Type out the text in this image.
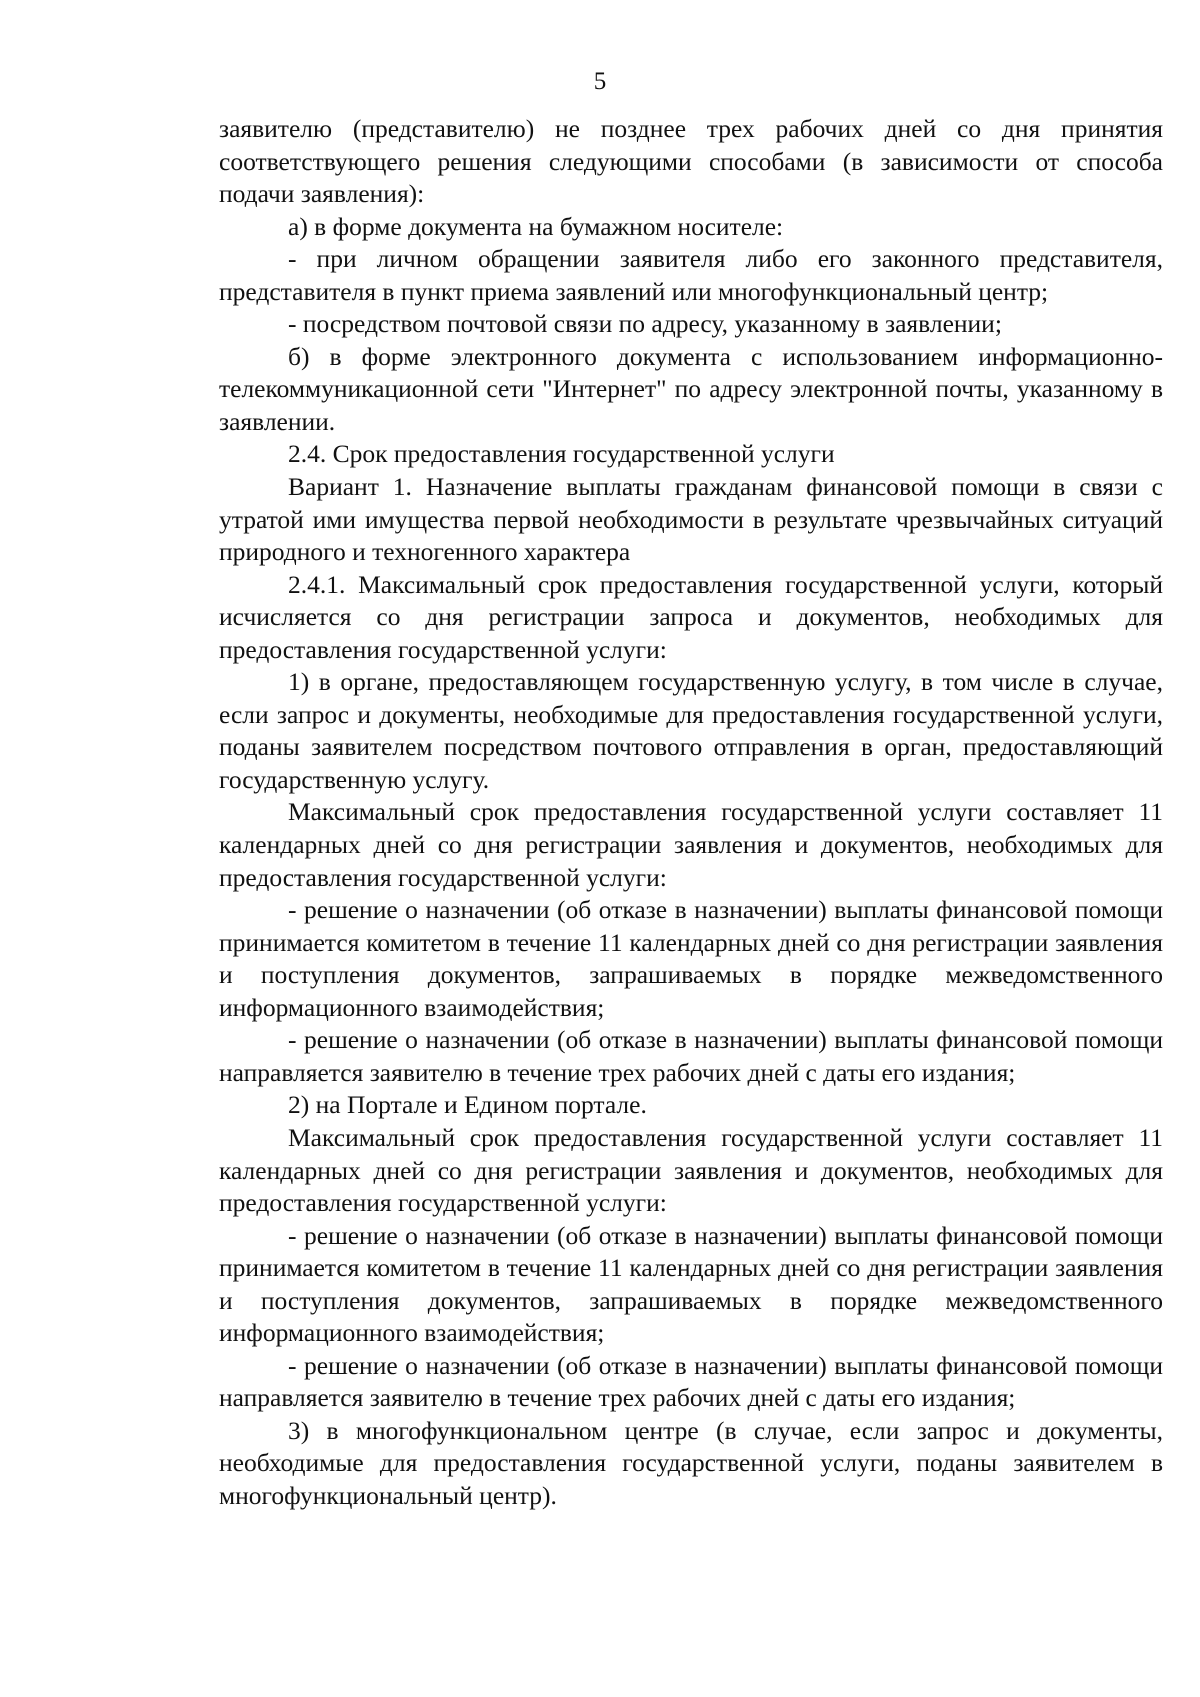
5

заявителю (представителю) не позднее трех рабочих дней со дня принятия соответствующего решения следующими способами (в зависимости от способа подачи заявления):

а) в форме документа на бумажном носителе:

- при личном обращении заявителя либо его законного представителя, представителя в пункт приема заявлений или многофункциональный центр;

- посредством почтовой связи по адресу, указанному в заявлении;

б) в форме электронного документа с использованием информационно-телекоммуникационной сети "Интернет" по адресу электронной почты, указанному в заявлении.

2.4. Срок предоставления государственной услуги

Вариант 1. Назначение выплаты гражданам финансовой помощи в связи с утратой ими имущества первой необходимости в результате чрезвычайных ситуаций природного и техногенного характера

2.4.1. Максимальный срок предоставления государственной услуги, который исчисляется со дня регистрации запроса и документов, необходимых для предоставления государственной услуги:

1) в органе, предоставляющем государственную услугу, в том числе в случае, если запрос и документы, необходимые для предоставления государственной услуги, поданы заявителем посредством почтового отправления в орган, предоставляющий государственную услугу.

Максимальный срок предоставления государственной услуги составляет 11 календарных дней со дня регистрации заявления и документов, необходимых для предоставления государственной услуги:

- решение о назначении (об отказе в назначении) выплаты финансовой помощи принимается комитетом в течение 11 календарных дней со дня регистрации заявления и поступления документов, запрашиваемых в порядке межведомственного информационного взаимодействия;

- решение о назначении (об отказе в назначении) выплаты финансовой помощи направляется заявителю в течение трех рабочих дней с даты его издания;

2) на Портале и Едином портале.

Максимальный срок предоставления государственной услуги составляет 11 календарных дней со дня регистрации заявления и документов, необходимых для предоставления государственной услуги:

- решение о назначении (об отказе в назначении) выплаты финансовой помощи принимается комитетом в течение 11 календарных дней со дня регистрации заявления и поступления документов, запрашиваемых в порядке межведомственного информационного взаимодействия;

- решение о назначении (об отказе в назначении) выплаты финансовой помощи направляется заявителю в течение трех рабочих дней с даты его издания;

3) в многофункциональном центре (в случае, если запрос и документы, необходимые для предоставления государственной услуги, поданы заявителем в многофункциональный центр).
